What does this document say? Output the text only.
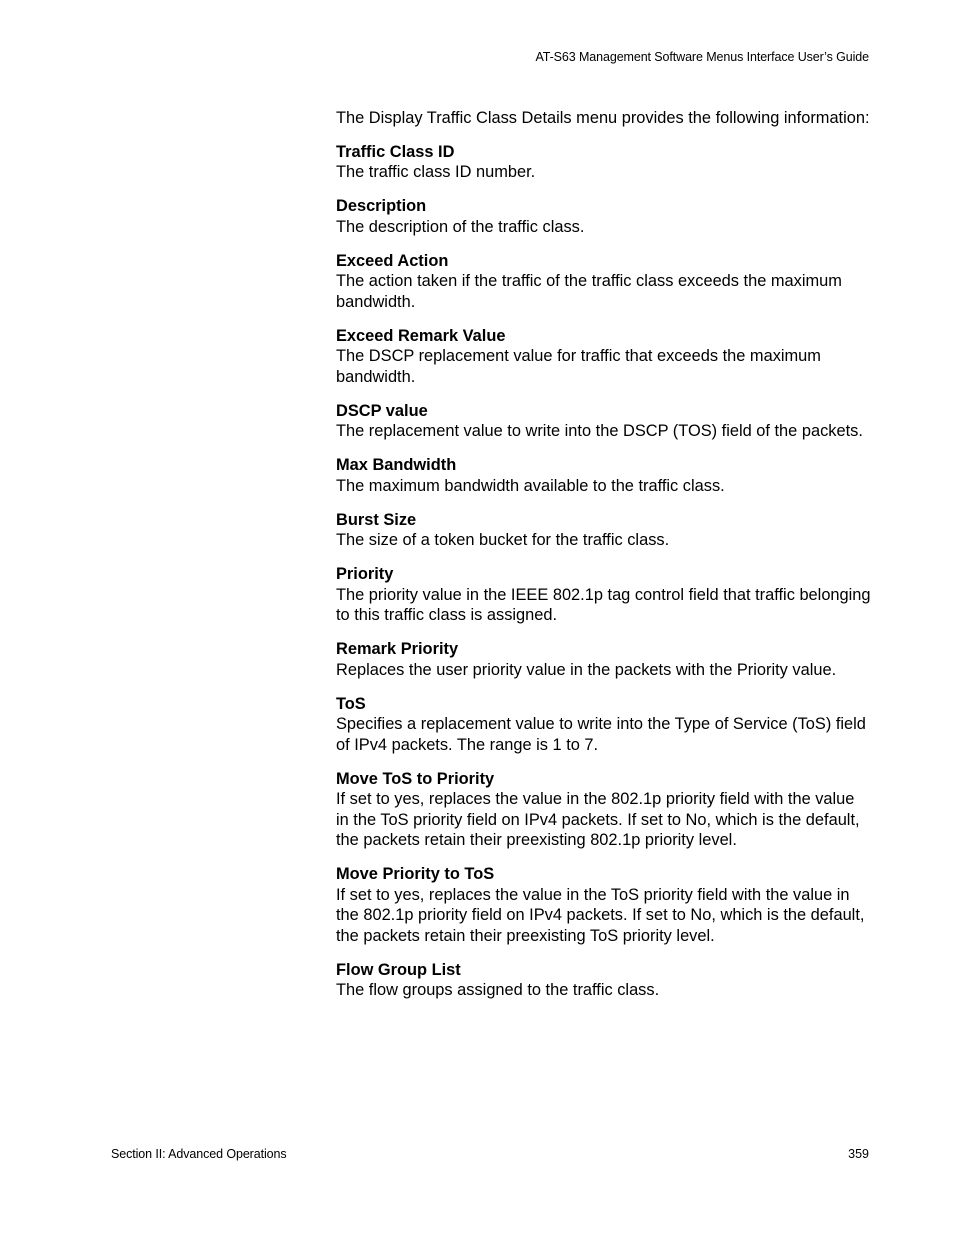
AT-S63 Management Software Menus Interface User’s Guide

The Display Traffic Class Details menu provides the following information:

Traffic Class ID

The traffic class ID number.

Description

The description of the traffic class.

Exceed Action

The action taken if the traffic of the traffic class exceeds the maximum bandwidth.

Exceed Remark Value

The DSCP replacement value for traffic that exceeds the maximum bandwidth.

DSCP value

The replacement value to write into the DSCP (TOS) field of the packets.

Max Bandwidth

The maximum bandwidth available to the traffic class.

Burst Size

The size of a token bucket for the traffic class.

Priority

The priority value in the IEEE 802.1p tag control field that traffic belonging to this traffic class is assigned.

Remark Priority

Replaces the user priority value in the packets with the Priority value.

ToS

Specifies a replacement value to write into the Type of Service (ToS) field of IPv4 packets. The range is 1 to 7.

Move ToS to Priority

If set to yes, replaces the value in the 802.1p priority field with the value in the ToS priority field on IPv4 packets. If set to No, which is the default, the packets retain their preexisting 802.1p priority level.

Move Priority to ToS

If set to yes, replaces the value in the ToS priority field with the value in the 802.1p priority field on IPv4 packets. If set to No, which is the default, the packets retain their preexisting ToS priority level.

Flow Group List

The flow groups assigned to the traffic class.

Section II: Advanced Operations	359
